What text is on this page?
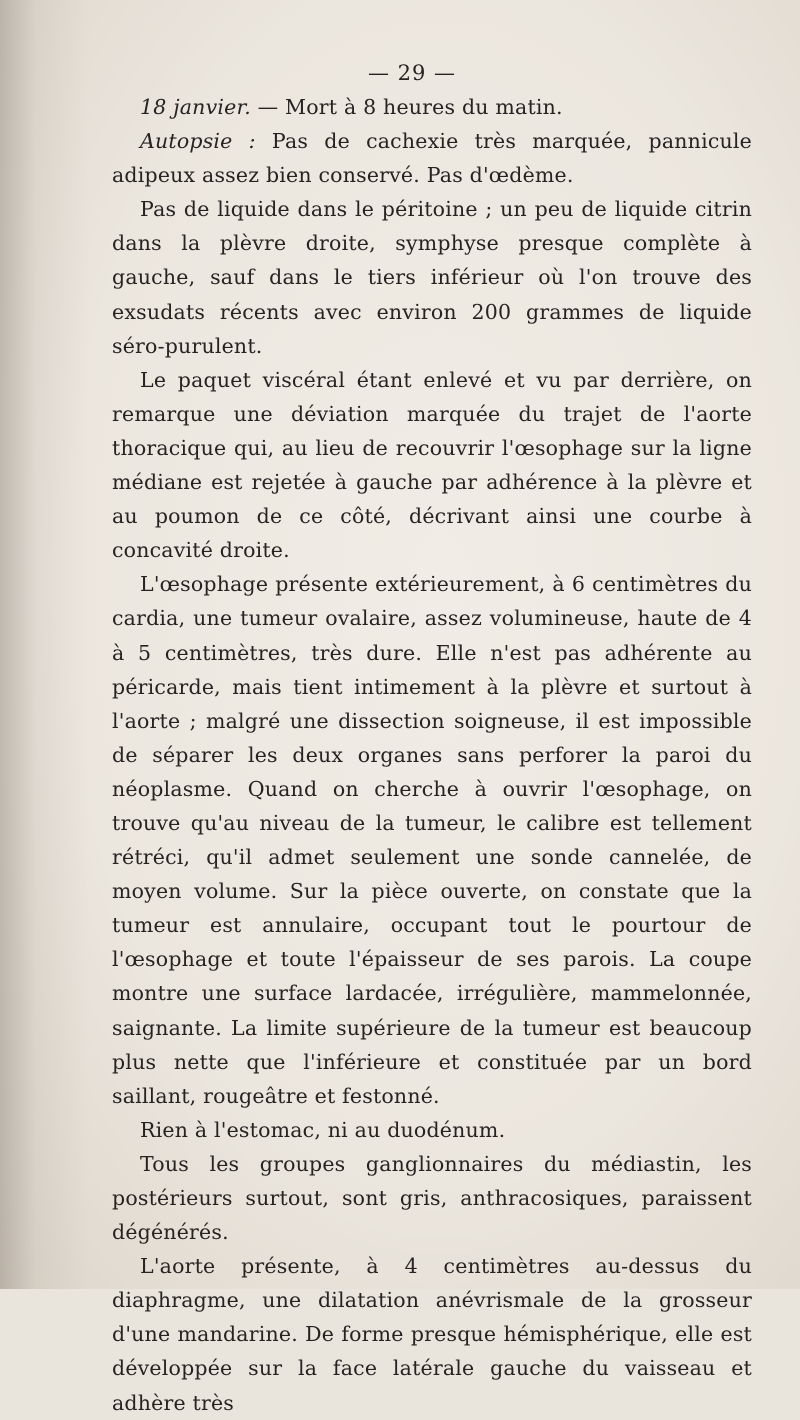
— 29 —

18 janvier. — Mort à 8 heures du matin.

Autopsie : Pas de cachexie très marquée, pannicule adipeux assez bien conservé. Pas d'œdème.

Pas de liquide dans le péritoine ; un peu de liquide citrin dans la plèvre droite, symphyse presque complète à gauche, sauf dans le tiers inférieur où l'on trouve des exsudats récents avec environ 200 grammes de liquide séro-purulent.

Le paquet viscéral étant enlevé et vu par derrière, on remarque une déviation marquée du trajet de l'aorte thoracique qui, au lieu de recouvrir l'œsophage sur la ligne médiane est rejetée à gauche par adhérence à la plèvre et au poumon de ce côté, décrivant ainsi une courbe à concavité droite.

L'œsophage présente extérieurement, à 6 centimètres du cardia, une tumeur ovalaire, assez volumineuse, haute de 4 à 5 centimètres, très dure. Elle n'est pas adhérente au péricarde, mais tient intimement à la plèvre et surtout à l'aorte ; malgré une dissection soigneuse, il est impossible de séparer les deux organes sans perforer la paroi du néoplasme. Quand on cherche à ouvrir l'œsophage, on trouve qu'au niveau de la tumeur, le calibre est tellement rétréci, qu'il admet seulement une sonde cannelée, de moyen volume. Sur la pièce ouverte, on constate que la tumeur est annulaire, occupant tout le pourtour de l'œsophage et toute l'épaisseur de ses parois. La coupe montre une surface lardacée, irrégulière, mammelonnée, saignante. La limite supérieure de la tumeur est beaucoup plus nette que l'inférieure et constituée par un bord saillant, rougeâtre et festonné.

Rien à l'estomac, ni au duodénum.

Tous les groupes ganglionnaires du médiastin, les postérieurs surtout, sont gris, anthracosiques, paraissent dégénérés.

L'aorte présente, à 4 centimètres au-dessus du diaphragme, une dilatation anévrismale de la grosseur d'une mandarine. De forme presque hémisphérique, elle est développée sur la face latérale gauche du vaisseau et adhère très
